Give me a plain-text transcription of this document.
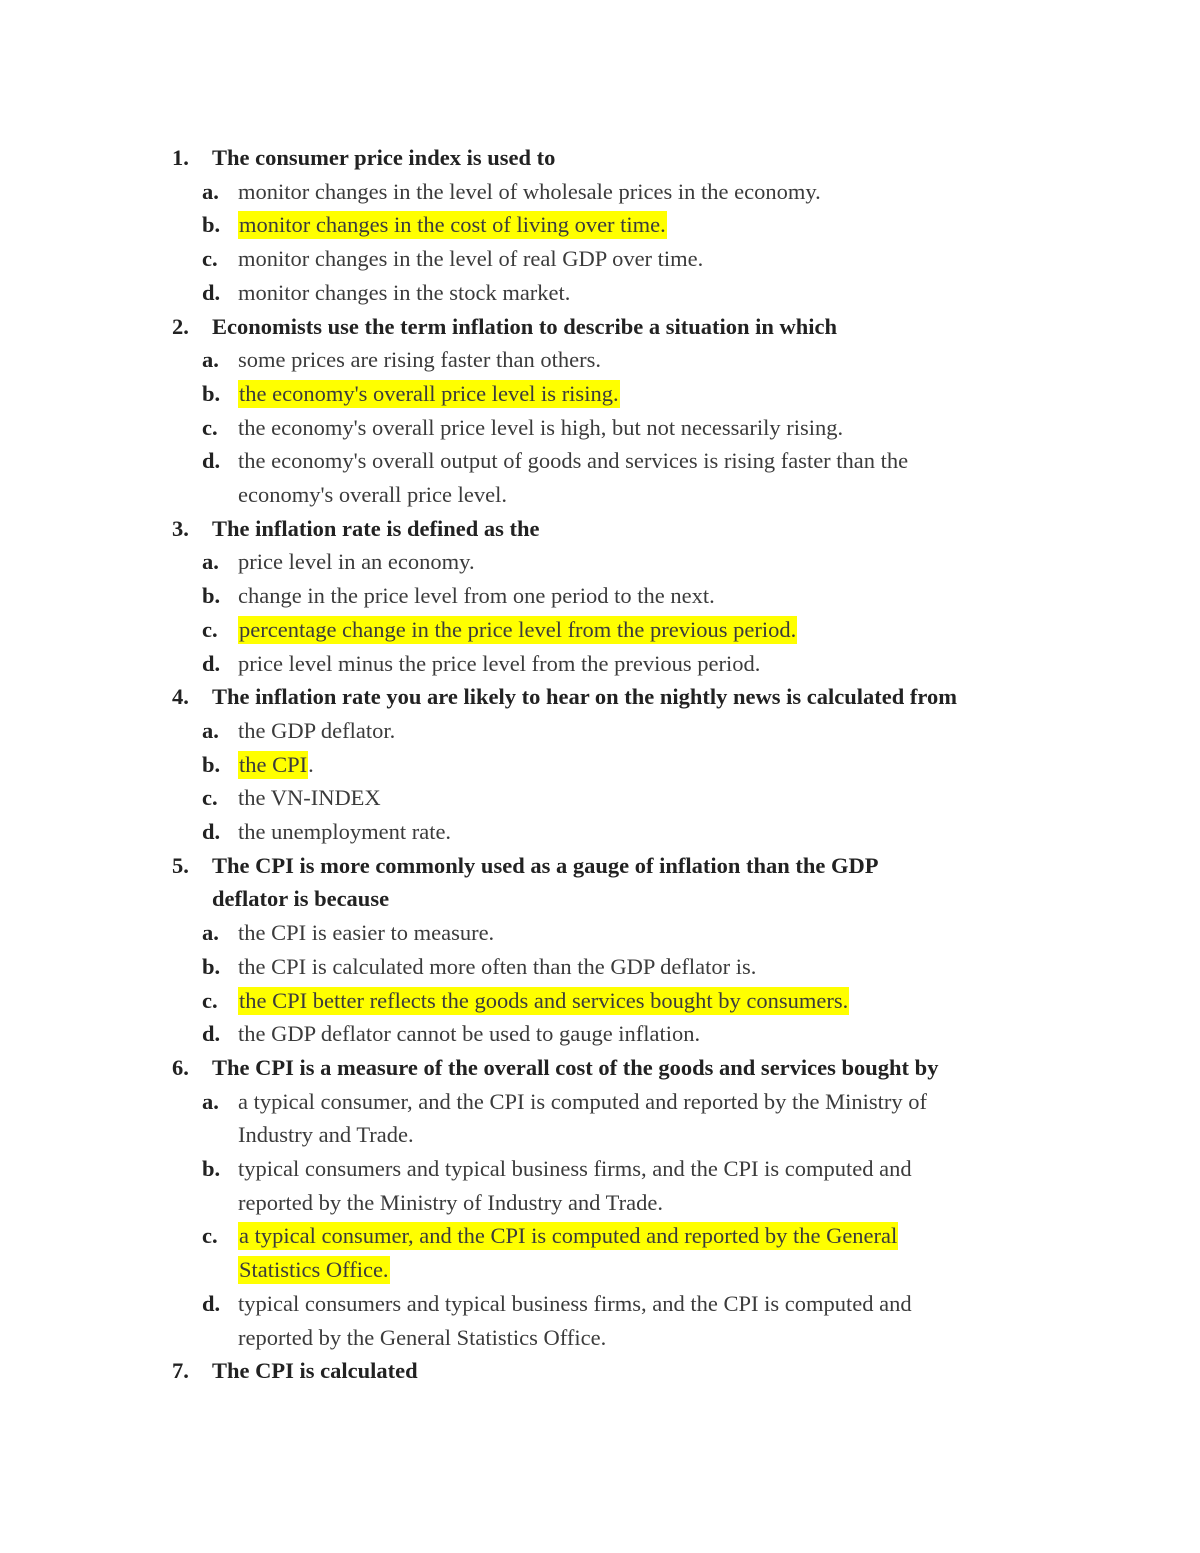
1. The consumer price index is used to
a. monitor changes in the level of wholesale prices in the economy.
b. monitor changes in the cost of living over time.
c. monitor changes in the level of real GDP over time.
d. monitor changes in the stock market.
2. Economists use the term inflation to describe a situation in which
a. some prices are rising faster than others.
b. the economy's overall price level is rising.
c. the economy's overall price level is high, but not necessarily rising.
d. the economy's overall output of goods and services is rising faster than the
economy's overall price level.
3. The inflation rate is defined as the
a. price level in an economy.
b. change in the price level from one period to the next.
c. percentage change in the price level from the previous period.
d. price level minus the price level from the previous period.
4. The inflation rate you are likely to hear on the nightly news is calculated from
a. the GDP deflator.
b. the CPI.
c. the VN-INDEX
d. the unemployment rate.
5. The CPI is more commonly used as a gauge of inflation than the GDP
deflator is because
a. the CPI is easier to measure.
b. the CPI is calculated more often than the GDP deflator is.
c. the CPI better reflects the goods and services bought by consumers.
d. the GDP deflator cannot be used to gauge inflation.
6. The CPI is a measure of the overall cost of the goods and services bought by
a. a typical consumer, and the CPI is computed and reported by the Ministry of
Industry and Trade.
b. typical consumers and typical business firms, and the CPI is computed and
reported by the Ministry of Industry and Trade.
c. a typical consumer, and the CPI is computed and reported by the General
Statistics Office.
d. typical consumers and typical business firms, and the CPI is computed and
reported by the General Statistics Office.
7. The CPI is calculated
